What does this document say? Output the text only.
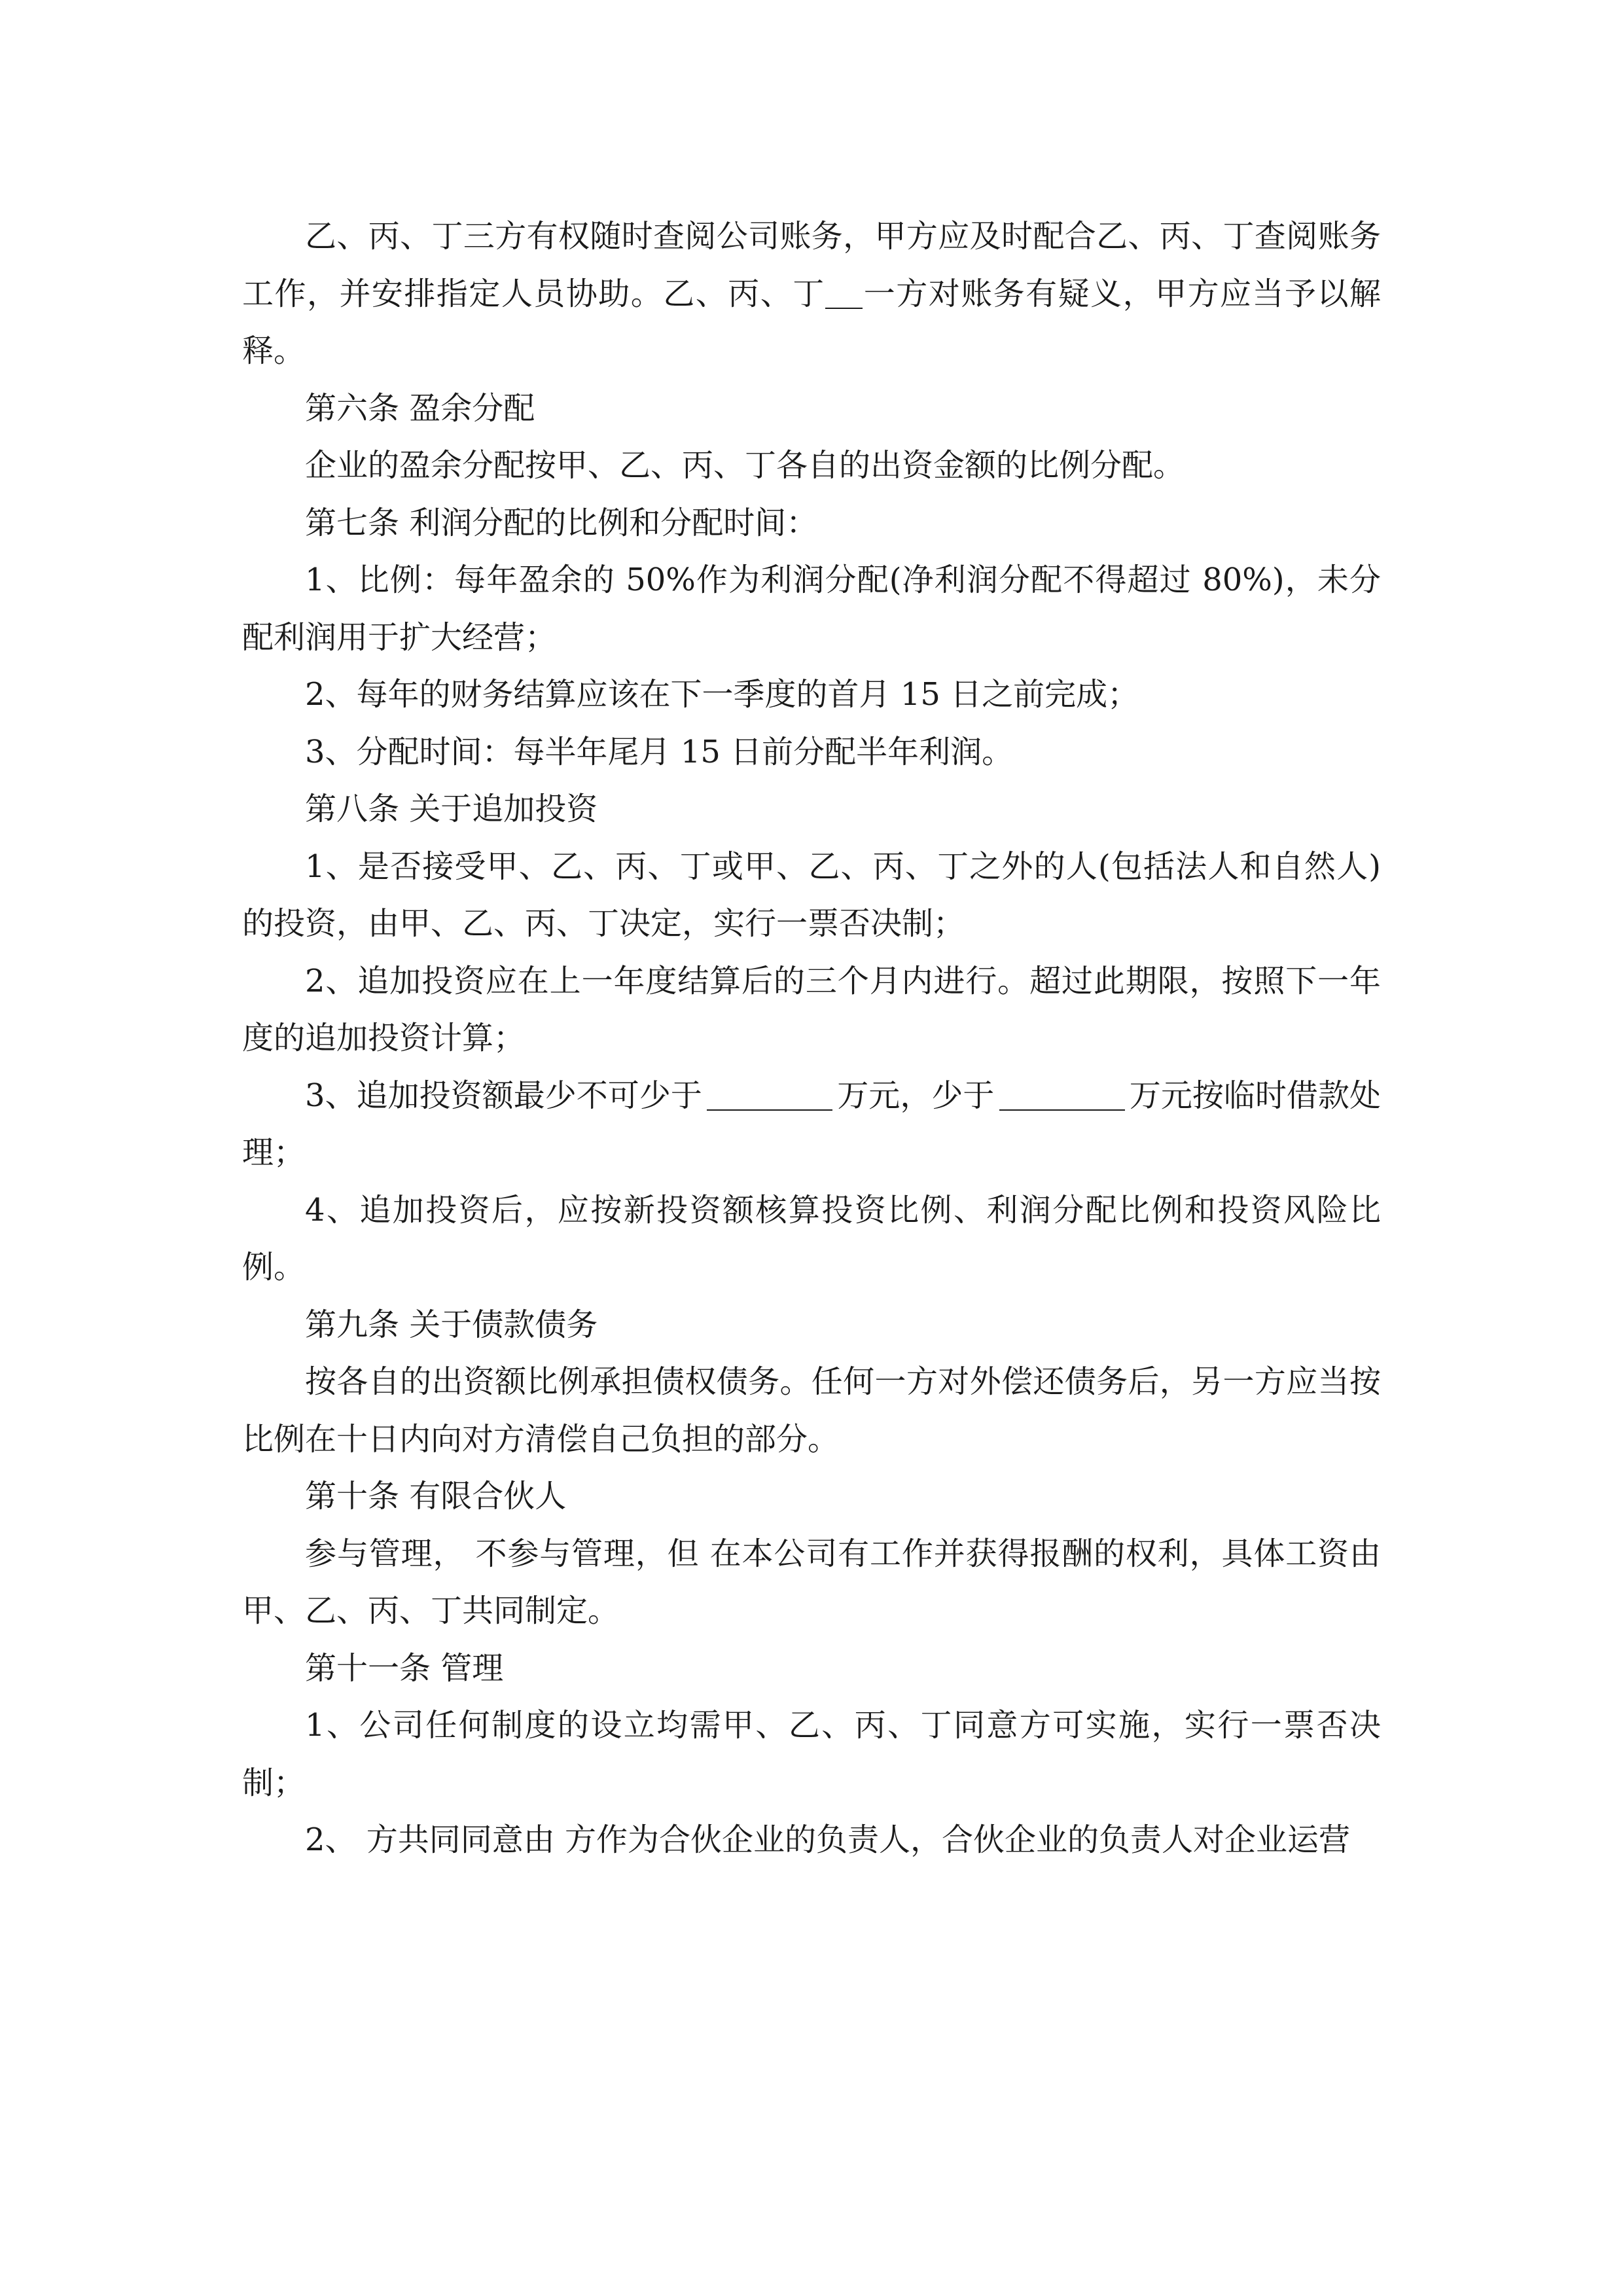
乙、丙、丁三方有权随时查阅公司账务，甲方应及时配合乙、丙、丁查阅账务工作，并安排指定人员协助。乙、丙、丁 一方对账务有疑义，甲方应当予以解释。

第六条 盈余分配

企业的盈余分配按甲、乙、丙、丁各自的出资金额的比例分配。

第七条 利润分配的比例和分配时间：

1、比例：每年盈余的 50%作为利润分配(净利润分配不得超过 80%)，未分配利润用于扩大经营；

2、每年的财务结算应该在下一季度的首月 15 日之前完成；

3、分配时间：每半年尾月 15 日前分配半年利润。

第八条 关于追加投资

1、是否接受甲、乙、丙、丁或甲、乙、丙、丁之外的人(包括法人和自然人)的投资，由甲、乙、丙、丁决定，实行一票否决制；

2、追加投资应在上一年度结算后的三个月内进行。超过此期限，按照下一年度的追加投资计算；

3、追加投资额最少不可少于	万元，少于	万元按临时借款处理；

4、追加投资后，应按新投资额核算投资比例、利润分配比例和投资风险比例。

第九条 关于债款债务

按各自的出资额比例承担债权债务。任何一方对外偿还债务后，另一方应当按比例在十日内向对方清偿自己负担的部分。

第十条 有限合伙人

参与管理， 不参与管理，但 在本公司有工作并获得报酬的权利，具体工资由甲、乙、丙、丁共同制定。

第十一条 管理

1、公司任何制度的设立均需甲、乙、丙、丁同意方可实施，实行一票否决制；

2、 方共同同意由 方作为合伙企业的负责人，合伙企业的负责人对企业运营
